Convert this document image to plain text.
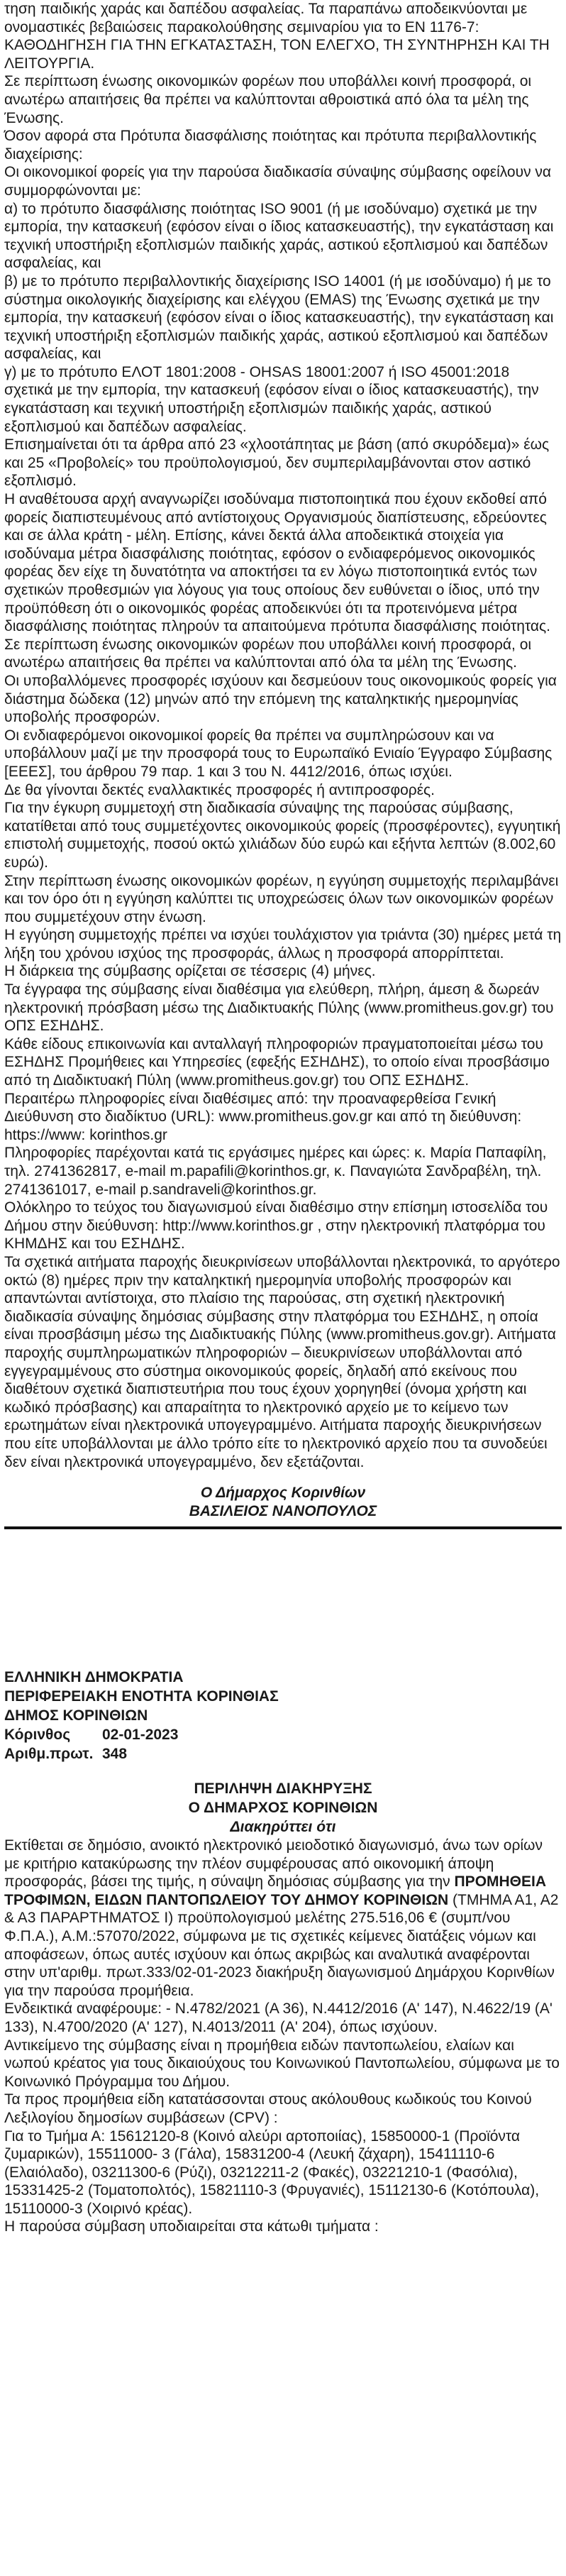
τηση παιδικής χαράς και δαπέδου ασφαλείας. Τα παραπάνω αποδεικνύονται με ονομαστικές βεβαιώσεις παρακολούθησης σεμιναρίου για το ΕΝ 1176-7: ΚΑΘΟΔΗΓΗΣΗ ΓΙΑ ΤΗΝ ΕΓΚΑΤΑΣΤΑΣΗ, ΤΟΝ ΕΛΕΓΧΟ, ΤΗ ΣΥΝΤΗΡΗΣΗ ΚΑΙ ΤΗ ΛΕΙΤΟΥΡΓΙΑ.

Σε περίπτωση ένωσης οικονομικών φορέων που υποβάλλει κοινή προσφορά, οι ανωτέρω απαιτήσεις θα πρέπει να καλύπτονται αθροιστικά από όλα τα μέλη της Ένωσης.

Όσον αφορά στα Πρότυπα διασφάλισης ποιότητας και πρότυπα περιβαλλοντικής διαχείρισης:

Οι οικονομικοί φορείς για την παρούσα διαδικασία σύναψης σύμβασης οφείλουν να συμμορφώνονται με:

α) το πρότυπο διασφάλισης ποιότητας ISO 9001 (ή με ισοδύναμο) σχετικά με την εμπορία, την κατασκευή (εφόσον είναι ο ίδιος κατασκευαστής), την εγκατάσταση και τεχνική υποστήριξη εξοπλισμών παιδικής χαράς, αστικού εξοπλισμού και δαπέδων ασφαλείας, και

β) με το πρότυπο περιβαλλοντικής διαχείρισης ISO 14001 (ή με ισοδύναμο) ή με το σύστημα οικολογικής διαχείρισης και ελέγχου (EMAS) της Ένωσης σχετικά με την εμπορία, την κατασκευή (εφόσον είναι ο ίδιος κατασκευαστής), την εγκατάσταση και τεχνική υποστήριξη εξοπλισμών παιδικής χαράς, αστικού εξοπλισμού και δαπέδων ασφαλείας, και

γ) με το πρότυπο ΕΛΟΤ 1801:2008 - OHSAS 18001:2007 ή ISO 45001:2018 σχετικά με την εμπορία, την κατασκευή (εφόσον είναι ο ίδιος κατασκευαστής), την εγκατάσταση και τεχνική υποστήριξη εξοπλισμών παιδικής χαράς, αστικού εξοπλισμού και δαπέδων ασφαλείας.

Επισημαίνεται ότι τα άρθρα από 23 «χλοοτάπητας με βάση (από σκυρόδεμα)» έως και 25 «Προβολείς» του προϋπολογισμού, δεν συμπεριλαμβάνονται στον αστικό εξοπλισμό.

Η αναθέτουσα αρχή αναγνωρίζει ισοδύναμα πιστοποιητικά που έχουν εκδοθεί από φορείς διαπιστευμένους από αντίστοιχους Οργανισμούς διαπίστευσης, εδρεύοντες και σε άλλα κράτη - μέλη. Επίσης, κάνει δεκτά άλλα αποδεικτικά στοιχεία για ισοδύναμα μέτρα διασφάλισης ποιότητας, εφόσον ο ενδιαφερόμενος οικονομικός φορέας δεν είχε τη δυνατότητα να αποκτήσει τα εν λόγω πιστοποιητικά εντός των σχετικών προθεσμιών για λόγους για τους οποίους δεν ευθύνεται ο ίδιος, υπό την προϋπόθεση ότι ο οικονομικός φορέας αποδεικνύει ότι τα προτεινόμενα μέτρα διασφάλισης ποιότητας πληρούν τα απαιτούμενα πρότυπα διασφάλισης ποιότητας.

Σε περίπτωση ένωσης οικονομικών φορέων που υποβάλλει κοινή προσφορά, οι ανωτέρω απαιτήσεις θα πρέπει να καλύπτονται από όλα τα μέλη της Ένωσης.

Οι υποβαλλόμενες προσφορές ισχύουν και δεσμεύουν τους οικονομικούς φορείς για διάστημα δώδεκα (12) μηνών από την επόμενη της καταληκτικής ημερομηνίας υποβολής προσφορών.

Οι ενδιαφερόμενοι οικονομικοί φορείς θα πρέπει να συμπληρώσουν και να υποβάλλουν μαζί με την προσφορά τους το Ευρωπαϊκό Ενιαίο Έγγραφο Σύμβασης [ΕΕΕΣ], του άρθρου 79 παρ. 1 και 3 του Ν. 4412/2016, όπως ισχύει.

Δε θα γίνονται δεκτές εναλλακτικές προσφορές ή αντιπροσφορές.

Για την έγκυρη συμμετοχή στη διαδικασία σύναψης της παρούσας σύμβασης, κατατίθεται από τους συμμετέχοντες οικονομικούς φορείς (προσφέροντες), εγγυητική επιστολή συμμετοχής, ποσού οκτώ χιλιάδων δύο ευρώ και εξήντα λεπτών (8.002,60 ευρώ).

Στην περίπτωση ένωσης οικονομικών φορέων, η εγγύηση συμμετοχής περιλαμβάνει και τον όρο ότι η εγγύηση καλύπτει τις υποχρεώσεις όλων των οικονομικών φορέων που συμμετέχουν στην ένωση.

Η εγγύηση συμμετοχής πρέπει να ισχύει τουλάχιστον για τριάντα (30) ημέρες μετά τη λήξη του χρόνου ισχύος της προσφοράς, άλλως η προσφορά απορρίπτεται.

Η διάρκεια της σύμβασης ορίζεται σε τέσσερις (4) μήνες.

Τα έγγραφα της σύμβασης είναι διαθέσιμα για ελεύθερη, πλήρη, άμεση & δωρεάν ηλεκτρονική πρόσβαση μέσω της Διαδικτυακής Πύλης (www.promitheus.gov.gr) του ΟΠΣ ΕΣΗΔΗΣ.

Κάθε είδους επικοινωνία και ανταλλαγή πληροφοριών πραγματοποιείται μέσω του ΕΣΗΔΗΣ Προμήθειες και Υπηρεσίες (εφεξής ΕΣΗΔΗΣ), το οποίο είναι προσβάσιμο από τη Διαδικτυακή Πύλη (www.promitheus.gov.gr) του ΟΠΣ ΕΣΗΔΗΣ.

Περαιτέρω πληροφορίες είναι διαθέσιμες από: την προαναφερθείσα Γενική Διεύθυνση στο διαδίκτυο (URL): www.promitheus.gov.gr και από τη διεύθυνση: https://www: korinthos.gr

Πληροφορίες παρέχονται κατά τις εργάσιμες ημέρες και ώρες: κ. Μαρία Παπαφίλη, τηλ. 2741362817, e-mail m.papafili@korinthos.gr, κ. Παναγιώτα Σανδραβέλη, τηλ. 2741361017, e-mail p.sandraveli@korinthos.gr.

Ολόκληρο το τεύχος του διαγωνισμού είναι διαθέσιμο στην επίσημη ιστοσελίδα του Δήμου στην διεύθυνση: http://www.korinthos.gr , στην ηλεκτρονική πλατφόρμα του ΚΗΜΔΗΣ και του ΕΣΗΔΗΣ.

Τα σχετικά αιτήματα παροχής διευκρινίσεων υποβάλλονται ηλεκτρονικά, το αργότερο οκτώ (8) ημέρες πριν την καταληκτική ημερομηνία υποβολής προσφορών και απαντώνται αντίστοιχα, στο πλαίσιο της παρούσας, στη σχετική ηλεκτρονική διαδικασία σύναψης δημόσιας σύμβασης στην πλατφόρμα του ΕΣΗΔΗΣ, η οποία είναι προσβάσιμη μέσω της Διαδικτυακής Πύλης (www.promitheus.gov.gr). Αιτήματα παροχής συμπληρωματικών πληροφοριών – διευκρινίσεων υποβάλλονται από εγγεγραμμένους στο σύστημα οικονομικούς φορείς, δηλαδή από εκείνους που διαθέτουν σχετικά διαπιστευτήρια που τους έχουν χορηγηθεί (όνομα χρήστη και κωδικό πρόσβασης) και απαραίτητα το ηλεκτρονικό αρχείο με το κείμενο των ερωτημάτων είναι ηλεκτρονικά υπογεγραμμένο. Αιτήματα παροχής διευκρινήσεων που είτε υποβάλλονται με άλλο τρόπο είτε το ηλεκτρονικό αρχείο που τα συνοδεύει δεν είναι ηλεκτρονικά υπογεγραμμένο, δεν εξετάζονται.

Ο Δήμαρχος Κορινθίων

ΒΑΣΙΛΕΙΟΣ ΝΑΝΟΠΟΥΛΟΣ

ΕΛΛΗΝΙΚΗ ΔΗΜΟΚΡΑΤΙΑ

ΠΕΡΙΦΕΡΕΙΑΚΗ ΕΝΟΤΗΤΑ ΚΟΡΙΝΘΙΑΣ

ΔΗΜΟΣ ΚΟΡΙΝΘΙΩΝ

Κόρινθος	02-01-2023

Αριθμ.πρωτ. 348

ΠΕΡΙΛΗΨΗ ΔΙΑΚΗΡΥΞΗΣ

Ο ΔΗΜΑΡΧΟΣ ΚΟΡΙΝΘΙΩΝ

Διακηρύττει ότι

Εκτίθεται σε δημόσιο, ανοικτό ηλεκτρονικό μειοδοτικό διαγωνισμό, άνω των ορίων με κριτήριο κατακύρωσης την πλέον συμφέρουσας από οικονομική άποψη προσφοράς, βάσει της τιμής, η σύναψη δημόσιας σύμβασης για την ΠΡΟΜΗΘΕΙΑ ΤΡΟΦΙΜΩΝ, ΕΙΔΩΝ ΠΑΝΤΟΠΩΛΕΙΟΥ ΤΟΥ ΔΗΜΟΥ ΚΟΡΙΝΘΙΩΝ (ΤΜΗΜΑ Α1, Α2 & Α3 ΠΑΡΑΡΤΗΜΑΤΟΣ Ι) προϋπολογισμού μελέτης 275.516,06 € (συμπ/νου Φ.Π.Α.), Α.Μ.:57070/2022, σύμφωνα με τις σχετικές κείμενες διατάξεις νόμων και αποφάσεων, όπως αυτές ισχύουν και όπως ακριβώς και αναλυτικά αναφέρονται στην υπ'αριθμ. πρωτ.333/02-01-2023 διακήρυξη διαγωνισμού Δημάρχου Κορινθίων για την παρούσα προμήθεια.

Ενδεικτικά αναφέρουμε: - Ν.4782/2021 (Α 36), Ν.4412/2016 (Α' 147), Ν.4622/19 (Α' 133), Ν.4700/2020 (Α' 127), Ν.4013/2011 (Α' 204), όπως ισχύουν.

Αντικείμενο της σύμβασης είναι η προμήθεια ειδών παντοπωλείου, ελαίων και νωπού κρέατος για τους δικαιούχους του Κοινωνικού Παντοπωλείου, σύμφωνα με το Κοινωνικό Πρόγραμμα του Δήμου.

Τα προς προμήθεια είδη κατατάσσονται στους ακόλουθους κωδικούς του Κοινού Λεξιλογίου δημοσίων συμβάσεων (CPV) :

Για το Τμήμα Α: 15612120-8 (Κοινό αλεύρι αρτοποιίας), 15850000-1 (Προϊόντα ζυμαρικών), 15511000- 3 (Γάλα), 15831200-4 (Λευκή ζάχαρη), 15411110-6 (Ελαιόλαδο), 03211300-6 (Ρύζι), 03212211-2 (Φακές), 03221210-1 (Φασόλια), 15331425-2 (Τοματοπολτός), 15821110-3 (Φρυγανιές), 15112130-6 (Κοτόπουλα), 15110000-3 (Χοιρινό κρέας).

Η παρούσα σύμβαση υποδιαιρείται στα κάτωθι τμήματα :
